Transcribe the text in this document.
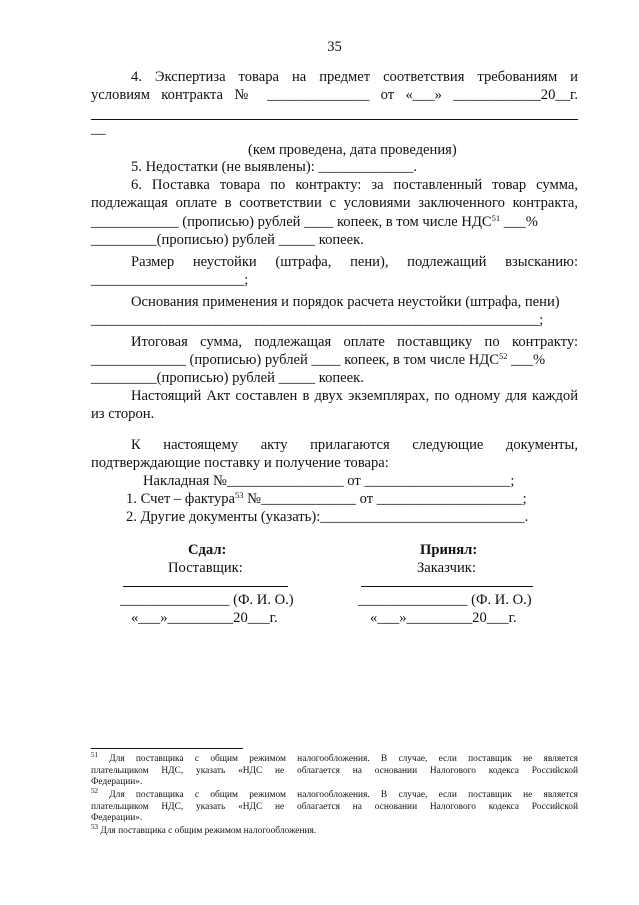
35
4. Экспертиза товара на предмет соответствия требованиям и
условиям контракта № ______________ от «___» ____________20__г.
__
(кем проведена, дата проведения)
5. Недостатки (не выявлены): _____________.
6. Поставка товара по контракту: за поставленный товар сумма,
подлежащая оплате в соответствии с условиями заключенного контракта,
____________ (прописью) рублей ____ копеек, в том числе НДС$^{51}$ ___%
_________(прописью) рублей _____ копеек.
Размер неустойки (штрафа, пени), подлежащий взысканию:
_____________________;
Основания применения и порядок расчета неустойки (штрафа, пени)
_________________________________________________________________;
Итоговая сумма, подлежащая оплате поставщику по контракту:
_____________ (прописью) рублей ____ копеек, в том числе НДС$^{52}$ ___%
_________(прописью) рублей _____ копеек.
Настоящий Акт составлен в двух экземплярах, по одному для каждой
из сторон.
К настоящему акту прилагаются следующие документы,
подтверждающие поставку и получение товара:
Накладная №________________ от ____________________;
1. Счет – фактура$^{53}$ №_____________ от ____________________;
2. Другие документы (указать):____________________________.
Сдал:
Поставщик:
Принял:
Заказчик:
_______________ (Ф. И. О.)	_______________ (Ф. И. О.)
«___»_________20___г.	«___»_________20___г.
$^{51}$ Для поставщика с общим режимом налогообложения. В случае, если поставщик не является
плательщиком НДС, указать «НДС не облагается на основании Налогового кодекса Российской
Федерации».
$^{52}$ Для поставщика с общим режимом налогообложения. В случае, если поставщик не является
плательщиком НДС, указать «НДС не облагается на основании Налогового кодекса Российской
Федерации».
$^{53}$ Для поставщика с общим режимом налогообложения.
